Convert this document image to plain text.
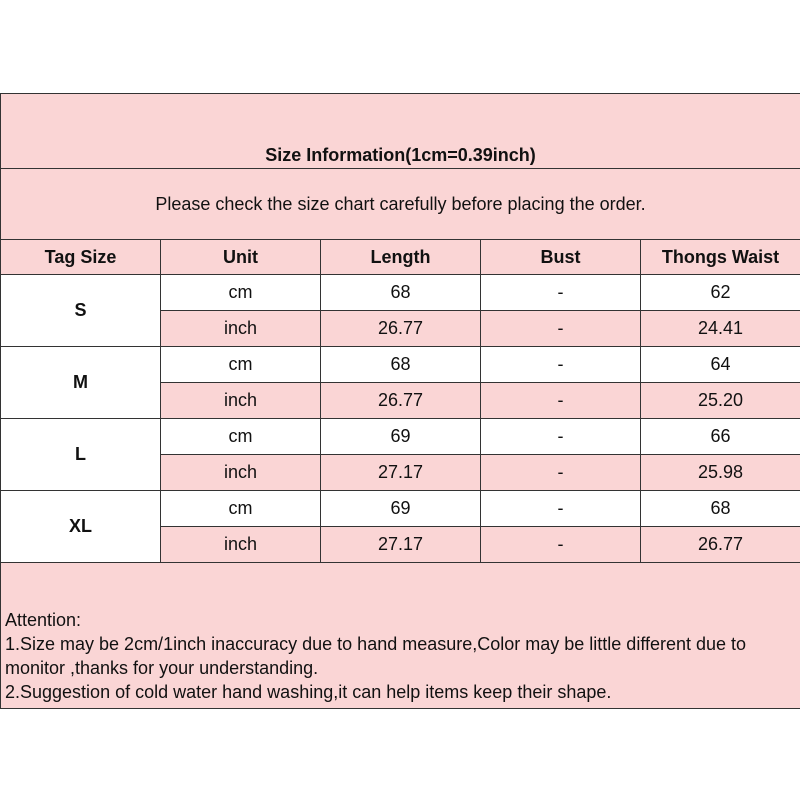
Size Information(1cm=0.39inch)				
Please check the size chart carefully before placing the order.				
Tag Size	Unit	Length	Bust	Thongs Waist
S	cm	68	-	62
	inch	26.77	-	24.41
M	cm	68	-	64
	inch	26.77	-	25.20
L	cm	69	-	66
	inch	27.17	-	25.98
XL	cm	69	-	68
	inch	27.17	-	26.77

Attention:
1.Size may be 2cm/1inch inaccuracy due to hand measure,Color may be little different due to monitor ,thanks for your understanding.
2.Suggestion of cold water hand washing,it can help items keep their shape.				
